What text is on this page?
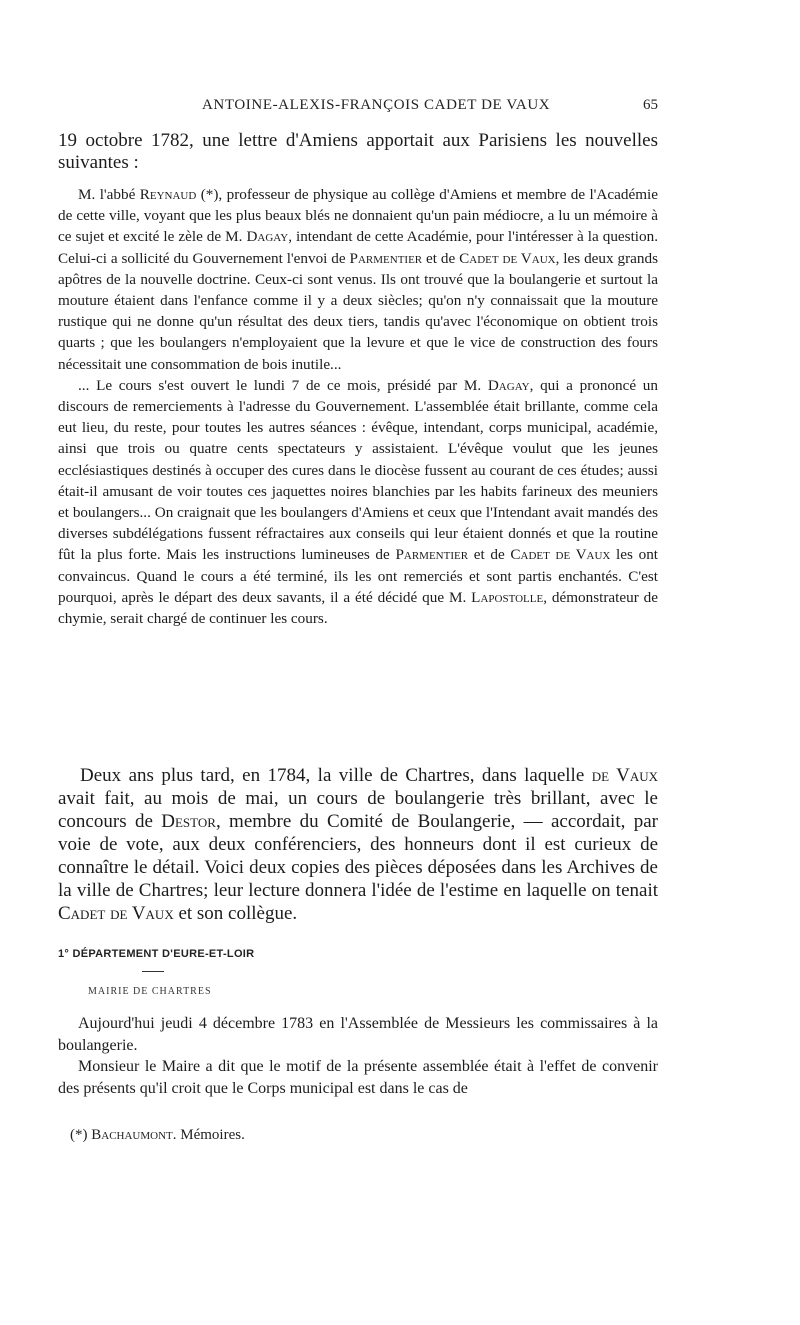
ANTOINE-ALEXIS-FRANÇOIS CADET DE VAUX	65
19 octobre 1782, une lettre d'Amiens apportait aux Parisiens les nouvelles suivantes :

M. l'abbé Reynaud (*), professeur de physique au collège d'Amiens et membre de l'Académie de cette ville, voyant que les plus beaux blés ne donnaient qu'un pain médiocre, a lu un mémoire à ce sujet et excité le zèle de M. Dagay, intendant de cette Académie, pour l'intéresser à la question. Celui-ci a sollicité du Gouvernement l'envoi de Parmentier et de Cadet de Vaux, les deux grands apôtres de la nouvelle doctrine. Ceux-ci sont venus. Ils ont trouvé que la boulangerie et surtout la mouture étaient dans l'enfance comme il y a deux siècles; qu'on n'y connaissait que la mouture rustique qui ne donne qu'un résultat des deux tiers, tandis qu'avec l'économique on obtient trois quarts ; que les boulangers n'employaient que la levure et que le vice de construction des fours nécessitait une consommation de bois inutile...

... Le cours s'est ouvert le lundi 7 de ce mois, présidé par M. Dagay, qui a prononcé un discours de remerciements à l'adresse du Gouvernement. L'assemblée était brillante, comme cela eut lieu, du reste, pour toutes les autres séances : évêque, intendant, corps municipal, académie, ainsi que trois ou quatre cents spectateurs y assistaient. L'évêque voulut que les jeunes ecclésiastiques destinés à occuper des cures dans le diocèse fussent au courant de ces études; aussi était-il amusant de voir toutes ces jaquettes noires blanchies par les habits farineux des meuniers et boulangers... On craignait que les boulangers d'Amiens et ceux que l'Intendant avait mandés des diverses subdélégations fussent réfractaires aux conseils qui leur étaient donnés et que la routine fût la plus forte. Mais les instructions lumineuses de Parmentier et de Cadet de Vaux les ont convaincus. Quand le cours a été terminé, ils les ont remerciés et sont partis enchantés. C'est pourquoi, après le départ des deux savants, il a été décidé que M. Lapostolle, démonstrateur de chymie, serait chargé de continuer les cours.

Deux ans plus tard, en 1784, la ville de Chartres, dans laquelle de Vaux avait fait, au mois de mai, un cours de boulangerie très brillant, avec le concours de Destor, membre du Comité de Boulangerie, — accordait, par voie de vote, aux deux conférenciers, des honneurs dont il est curieux de connaître le détail. Voici deux copies des pièces déposées dans les Archives de la ville de Chartres; leur lecture donnera l'idée de l'estime en laquelle on tenait Cadet de Vaux et son collègue.
1° DÉPARTEMENT D'EURE-ET-LOIR
MAIRIE DE CHARTRES

Aujourd'hui jeudi 4 décembre 1783 en l'Assemblée de Messieurs les commissaires à la boulangerie.

Monsieur le Maire a dit que le motif de la présente assemblée était à l'effet de convenir des présents qu'il croit que le Corps municipal est dans le cas de

(*) Bachaumont. Mémoires.
